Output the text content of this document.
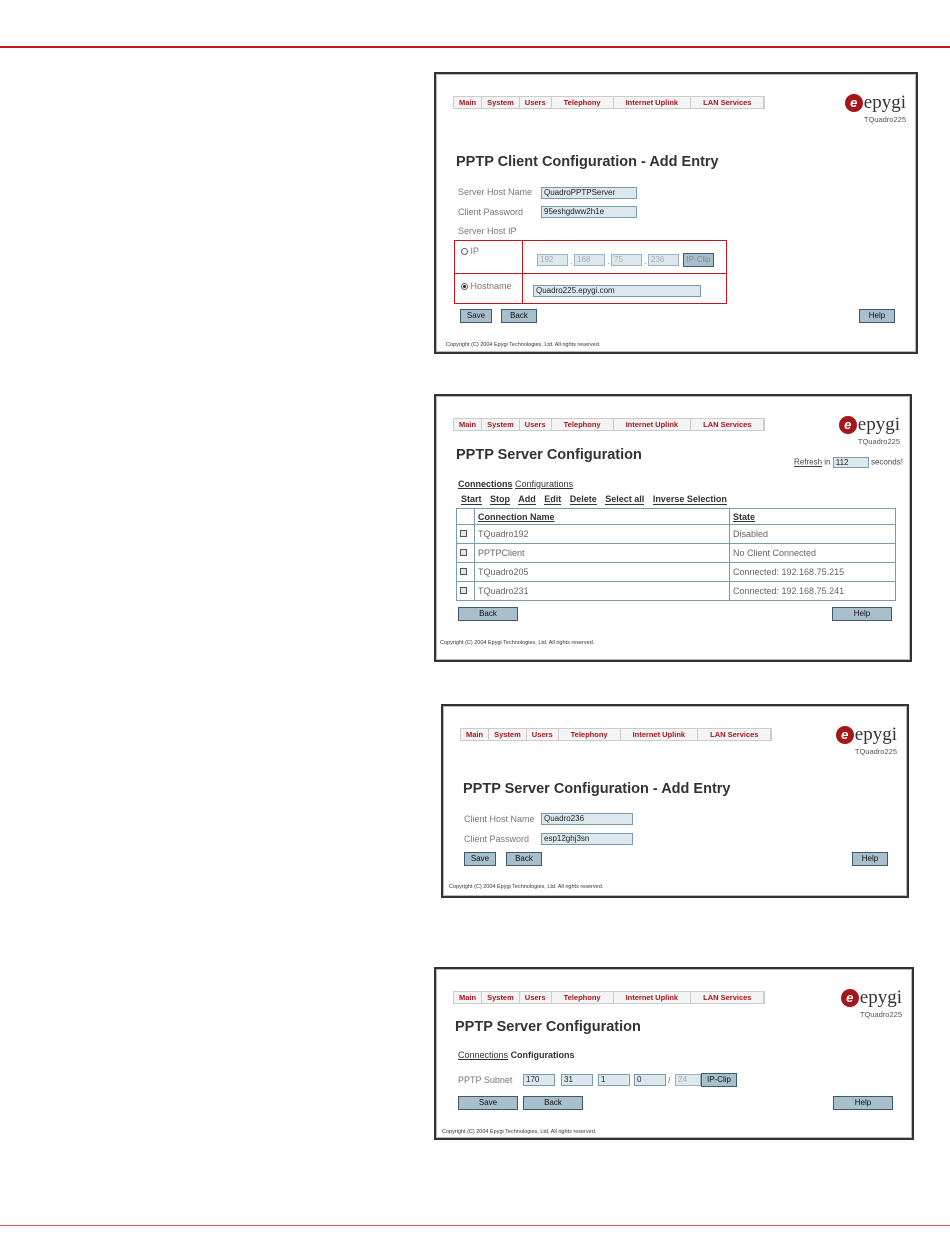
Main	System	Users	Telephony	Internet Uplink	LAN Services	e epygi
TQuadro225
PPTP Client Configuration - Add Entry
Server Host Name	QuadroPPTPServer
Client Password	95eshgdww2h1e
Server Host IP
IP
192	. 168	. 75	. 236	IP-Clip
Hostname	Quadro225.epygi.com
Save	Back	Help
Copyright (C) 2004 Epygi Technologies, Ltd. All rights reserved.
Main	System	Users	Telephony	Internet Uplink	LAN Services	e epygi
TQuadro225
PPTP Server Configuration	Refresh in 112	seconds!
Connections Configurations
Start Stop Add Edit Delete Select all Inverse Selection
	Connection Name	State
	TQuadro192	Disabled
	PPTPClient	No Client Connected
	TQuadro205	Connected: 192.168.75.215
	TQuadro231	Connected: 192.168.75.241
Back	Help
Copyright (C) 2004 Epygi Technologies, Ltd. All rights reserved.
Main	System	Users	Telephony	Internet Uplink	LAN Services	e epygi
TQuadro225
PPTP Server Configuration - Add Entry
Client Host Name	Quadro236
Client Password	esp12ghj3sn
Save	Back	Help
Copyright (C) 2004 Epygi Technologies, Ltd. All rights reserved.
Main	System	Users	Telephony	Internet Uplink	LAN Services	e epygi
TQuadro225
PPTP Server Configuration
Connections Configurations
PPTP Subnet	170	31	1	0	/ 24	IP-Clip
Save	Back	Help
Copyright (C) 2004 Epygi Technologies, Ltd. All rights reserved.
